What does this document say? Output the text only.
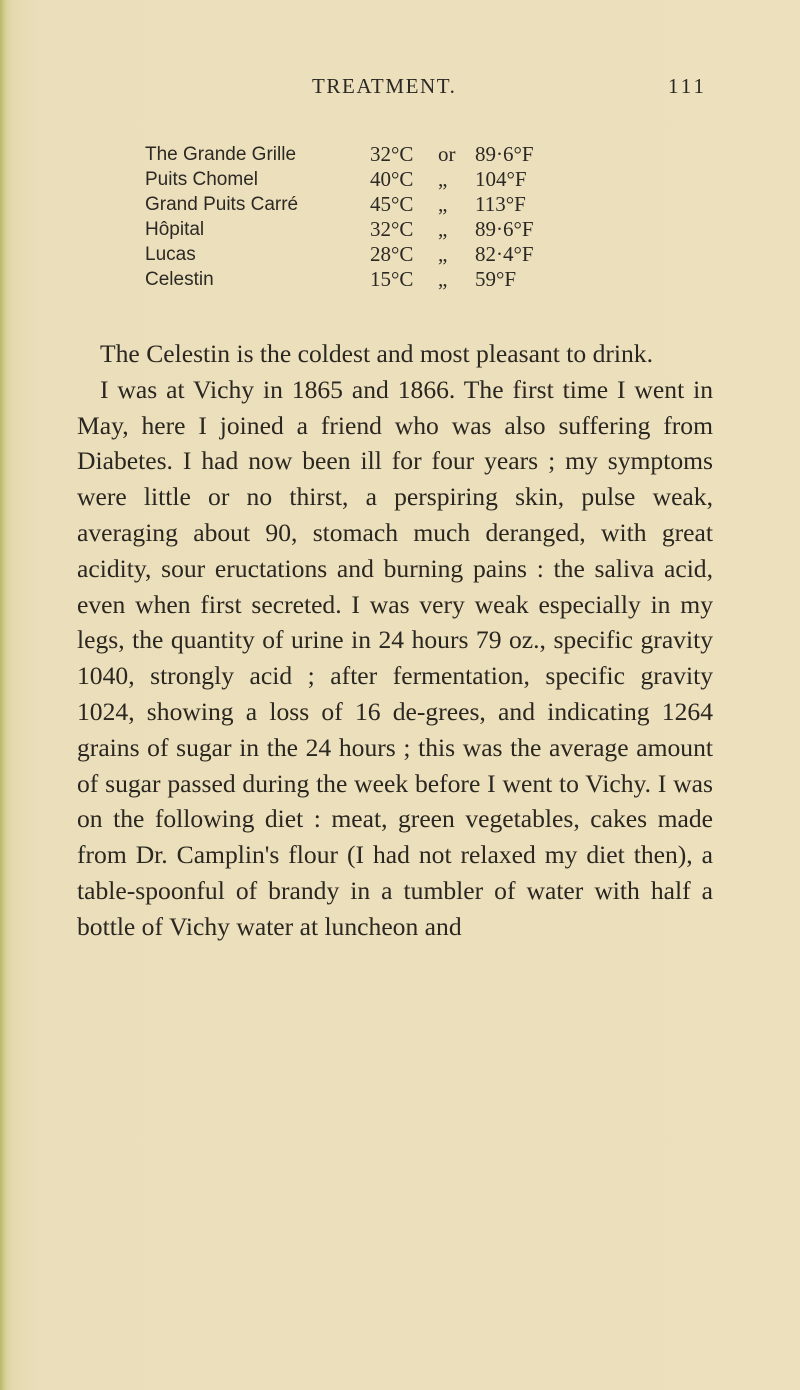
TREATMENT.	111
The Grande Grille	32°C or 89·6°F
Puits Chomel	40°C „ 104°F
Grand Puits Carré	45°C „ 113°F
Hôpital	32°C „ 89·6°F
Lucas	28°C „ 82·4°F
Celestin	15°C „ 59°F

The Celestin is the coldest and most pleasant to drink.

I was at Vichy in 1865 and 1866. The first time I went in May, here I joined a friend who was also suffering from Diabetes. I had now been ill for four years ; my symptoms were little or no thirst, a perspiring skin, pulse weak, averaging about 90, stomach much deranged, with great acidity, sour eructations and burning pains : the saliva acid, even when first secreted. I was very weak especially in my legs, the quantity of urine in 24 hours 79 oz., specific gravity 1040, strongly acid ; after fermentation, specific gravity 1024, showing a loss of 16 de-grees, and indicating 1264 grains of sugar in the 24 hours ; this was the average amount of sugar passed during the week before I went to Vichy. I was on the following diet : meat, green vegetables, cakes made from Dr. Camplin's flour (I had not relaxed my diet then), a table-spoonful of brandy in a tumbler of water with half a bottle of Vichy water at luncheon and
